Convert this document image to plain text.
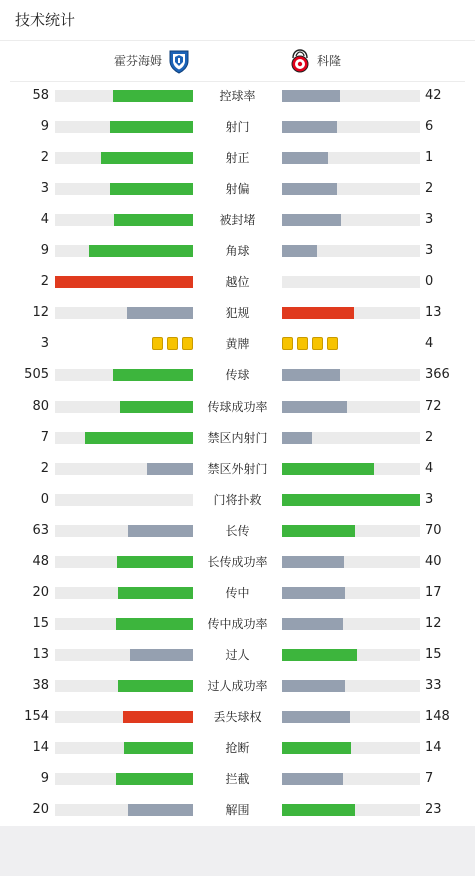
技术统计
霍芬海姆	科隆
58	控球率	42
9	射门	6
2	射正	1
3	射偏	2
4	被封堵	3
9	角球	3
2	越位	0
12	犯规	13
3	黄牌	4
505	传球	366
80	传球成功率	72
7	禁区内射门	2
2	禁区外射门	4
0	门将扑救	3
63	长传	70
48	长传成功率	40
20	传中	17
15	传中成功率	12
13	过人	15
38	过人成功率	33
154	丢失球权	148
14	抢断	14
9	拦截	7
20	解围	23
